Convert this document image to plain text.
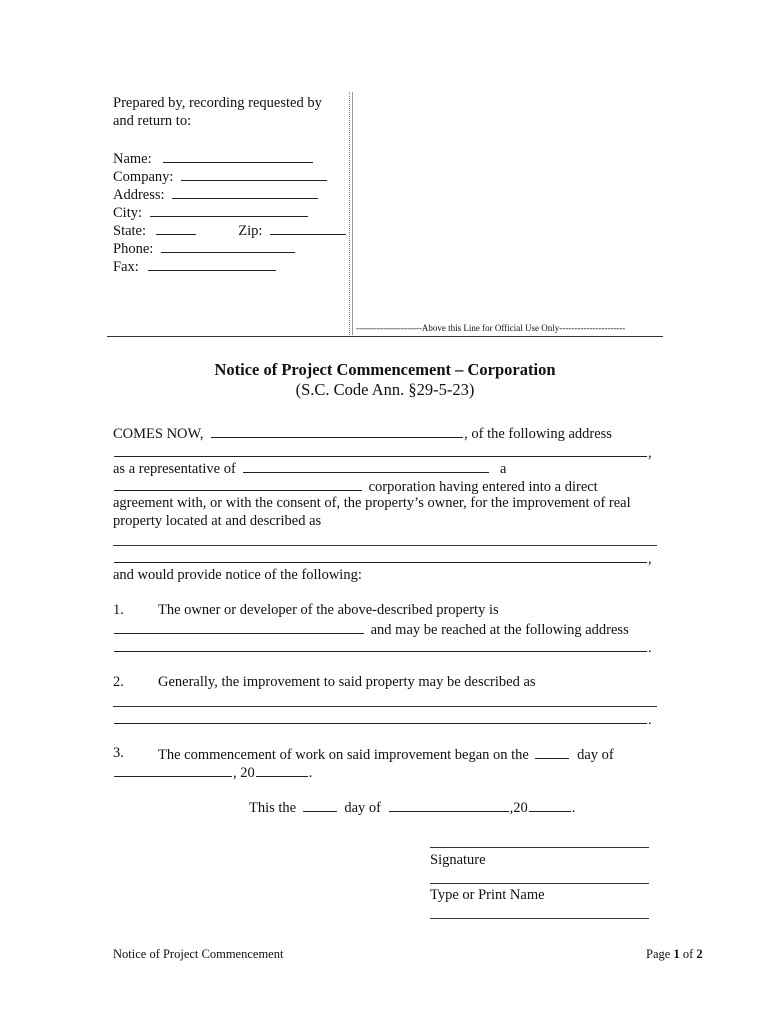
Prepared by, recording requested by
and return to:
Name:
Company:
Address:
City:
State:	Zip:
Phone:
Fax:
----------------------Above this Line for Official Use Only----------------------
Notice of Project Commencement – Corporation
(S.C. Code Ann. §29-5-23)
COMES NOW,	, of the following address
,
as a representative of	a
corporation having entered into a direct
agreement with, or with the consent of, the property’s owner, for the improvement of real
property located at and described as
,
and would provide notice of the following:
1. The owner or developer of the above-described property is
and may be reached at the following address
.
2. Generally, the improvement to said property may be described as
.
3. The commencement of work on said improvement began on the	day of
, 20	.
This the	day of	,20	.
Signature
Type or Print Name
Notice of Project Commencement	Page 1 of 2
